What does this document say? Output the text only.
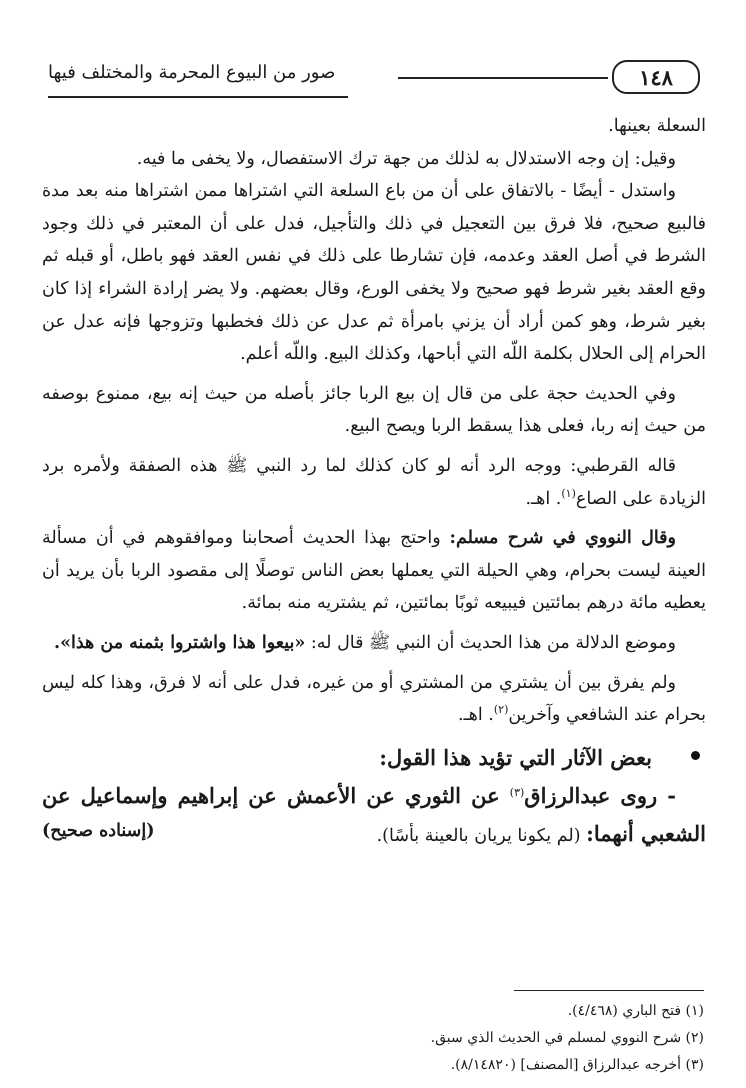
١٤٨
صور من البيوع المحرمة والمختلف فيها

السعلة بعينها.

وقيل: إن وجه الاستدلال به لذلك من جهة ترك الاستفصال، ولا يخفى ما فيه.

واستدل - أيضًا - بالاتفاق على أن من باع السلعة التي اشتراها ممن اشتراها منه بعد مدة فالبيع صحيح، فلا فرق بين التعجيل في ذلك والتأجيل، فدل على أن المعتبر في ذلك وجود الشرط في أصل العقد وعدمه، فإن تشارطا على ذلك في نفس العقد فهو باطل، أو قبله ثم وقع العقد بغير شرط فهو صحيح ولا يخفى الورع، وقال بعضهم. ولا يضر إرادة الشراء إذا كان بغير شرط، وهو كمن أراد أن يزني بامرأة ثم عدل عن ذلك فخطبها وتزوجها فإنه عدل عن الحرام إلى الحلال بكلمة اللّه التي أباحها، وكذلك البيع. واللّه أعلم.

وفي الحديث حجة على من قال إن بيع الربا جائز بأصله من حيث إنه بيع، ممنوع بوصفه من حيث إنه ربا، فعلى هذا يسقط الربا ويصح البيع.

قاله القرطبي: ووجه الرد أنه لو كان كذلك لما رد النبي ﷺ هذه الصفقة ولأمره برد الزيادة على الصاع$^{(١)}$. اهـ.

وقال النووي في شرح مسلم: واحتج بهذا الحديث أصحابنا وموافقوهم في أن مسألة العينة ليست بحرام، وهي الحيلة التي يعملها بعض الناس توصلًا إلى مقصود الربا بأن يريد أن يعطيه مائة درهم بمائتين فيبيعه ثوبًا بمائتين، ثم يشتريه منه بمائة.

وموضع الدلالة من هذا الحديث أن النبي ﷺ قال له: «بيعوا هذا واشتروا بثمنه من هذا».

ولم يفرق بين أن يشتري من المشتري أو من غيره، فدل على أنه لا فرق، وهذا كله ليس بحرام عند الشافعي وآخرين$^{(٢)}$. اهـ.

بعض الآثار التي تؤيد هذا القول:

- روى عبدالرزاق$^{(٣)}$ عن الثوري عن الأعمش عن إبراهيم وإسماعيل عن الشعبي أنهما: (لم يكونا يريان بالعينة بأسًا).
(إسناده صحيح)

(١) فتح الباري (٤/٤٦٨).

(٢) شرح النووي لمسلم في الحديث الذي سبق.

(٣) أخرجه عبدالرزاق [المصنف] (٨/١٤٨٢٠).
